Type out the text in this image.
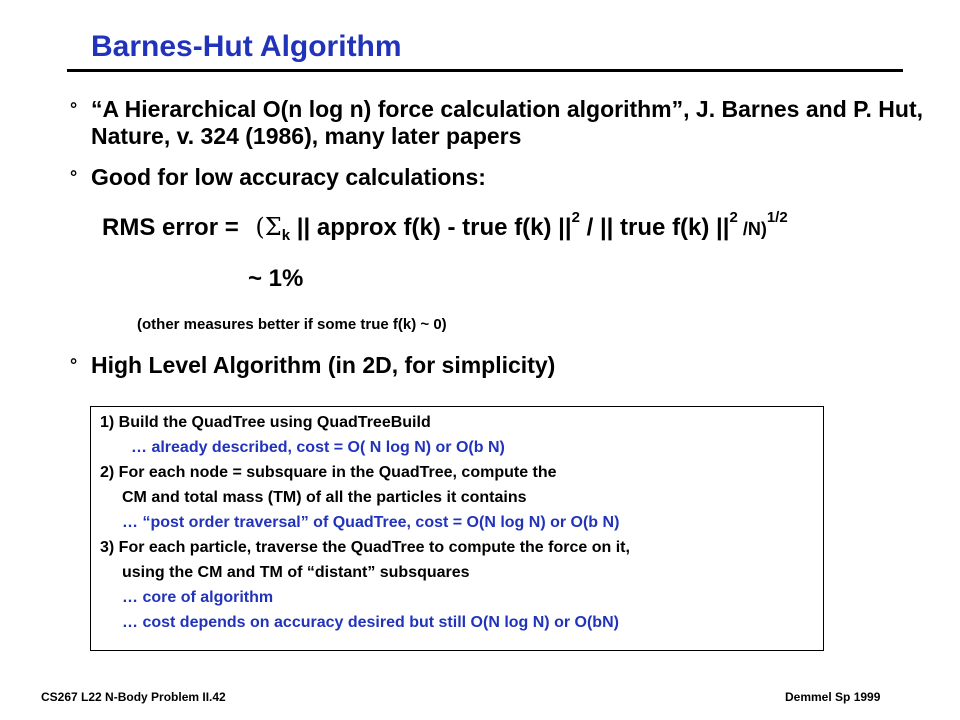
Barnes-Hut Algorithm
° “A Hierarchical O(n log n) force calculation algorithm”, J. Barnes and P. Hut, Nature, v. 324 (1986), many later papers
° Good for low accuracy calculations:
RMS error = ($\Sigma_k$ || approx f(k) - true f(k) $||^2$ / || true f(k) $||^2$ /N)$^{1/2}$
~ 1%
(other measures better if some true f(k) ~ 0)
° High Level Algorithm (in 2D, for simplicity)
1) Build the QuadTree using QuadTreeBuild
… already described, cost = O( N log N) or O(b N)
2) For each node = subsquare in the QuadTree, compute the
CM and total mass (TM) of all the particles it contains
… “post order traversal” of QuadTree, cost = O(N log N) or O(b N)
3) For each particle, traverse the QuadTree to compute the force on it,
using the CM and TM of “distant” subsquares
… core of algorithm
… cost depends on accuracy desired but still O(N log N) or O(bN)
CS267 L22 N-Body Problem II.42	Demmel Sp 1999
